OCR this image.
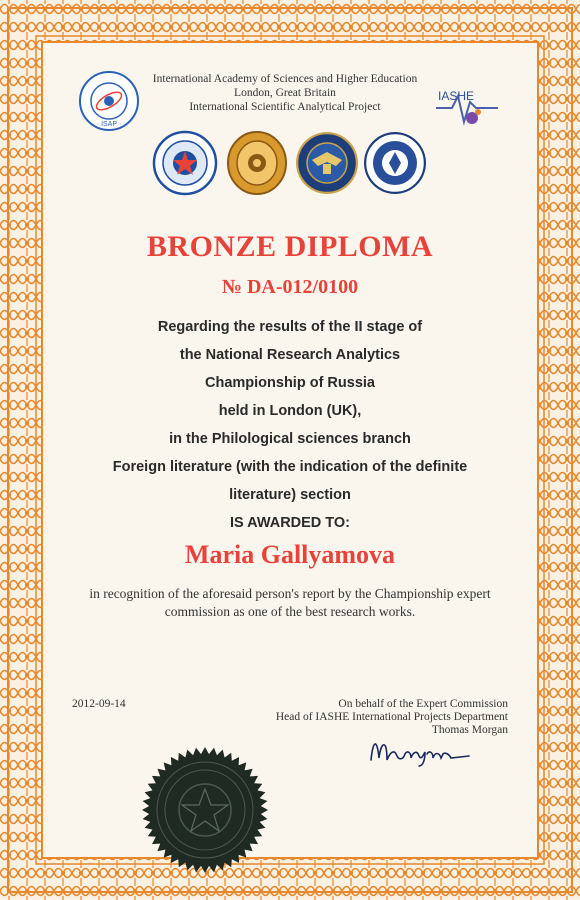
· ISAP ·
IASHE
International Academy of Sciences and Higher Education
London, Great Britain
International Scientific Analytical Project
BRONZE DIPLOMA
№ DA-012/0100
Regarding the results of the II stage of
the National Research Analytics
Championship of Russia
held in London (UK),
in the Philological sciences branch
Foreign literature (with the indication of the definite
literature) section
IS AWARDED TO:
Maria Gallyamova
in recognition of the aforesaid person's report by the Championship expert
commission as one of the best research works.
2012-09-14	On behalf of the Expert Commission
Head of IASHE International Projects Department
Thomas Morgan
